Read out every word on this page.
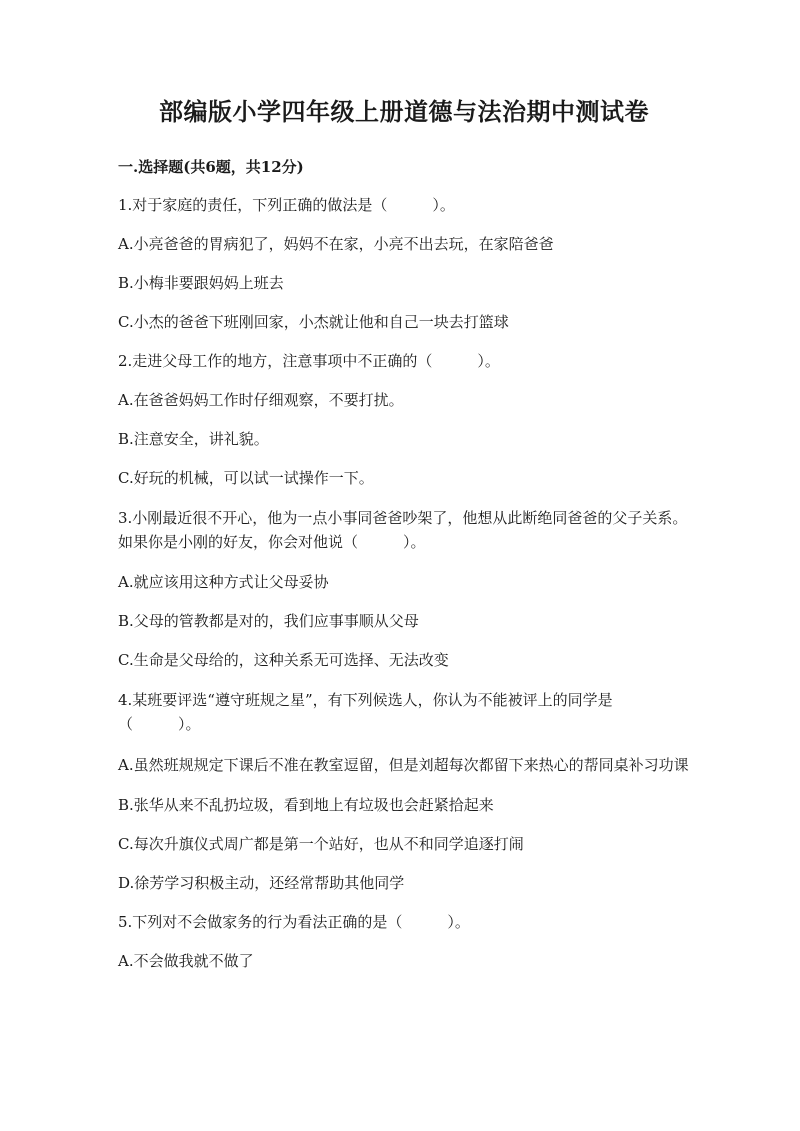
部编版小学四年级上册道德与法治期中测试卷
一.选择题(共6题，共12分)
1.对于家庭的责任，下列正确的做法是（　　　）。
A.小亮爸爸的胃病犯了，妈妈不在家，小亮不出去玩，在家陪爸爸
B.小梅非要跟妈妈上班去
C.小杰的爸爸下班刚回家，小杰就让他和自己一块去打篮球
2.走进父母工作的地方，注意事项中不正确的（　　　）。
A.在爸爸妈妈工作时仔细观察，不要打扰。
B.注意安全，讲礼貌。
C.好玩的机械，可以试一试操作一下。
3.小刚最近很不开心，他为一点小事同爸爸吵架了，他想从此断绝同爸爸的父子关系。如果你是小刚的好友，你会对他说（　　　）。
A.就应该用这种方式让父母妥协
B.父母的管教都是对的，我们应事事顺从父母
C.生命是父母给的，这种关系无可选择、无法改变
4.某班要评选“遵守班规之星”，有下列候选人，你认为不能被评上的同学是（　　　）。
A.虽然班规规定下课后不准在教室逗留，但是刘超每次都留下来热心的帮同桌补习功课
B.张华从来不乱扔垃圾，看到地上有垃圾也会赶紧拾起来
C.每次升旗仪式周广都是第一个站好，也从不和同学追逐打闹
D.徐芳学习积极主动，还经常帮助其他同学
5.下列对不会做家务的行为看法正确的是（　　　）。
A.不会做我就不做了
